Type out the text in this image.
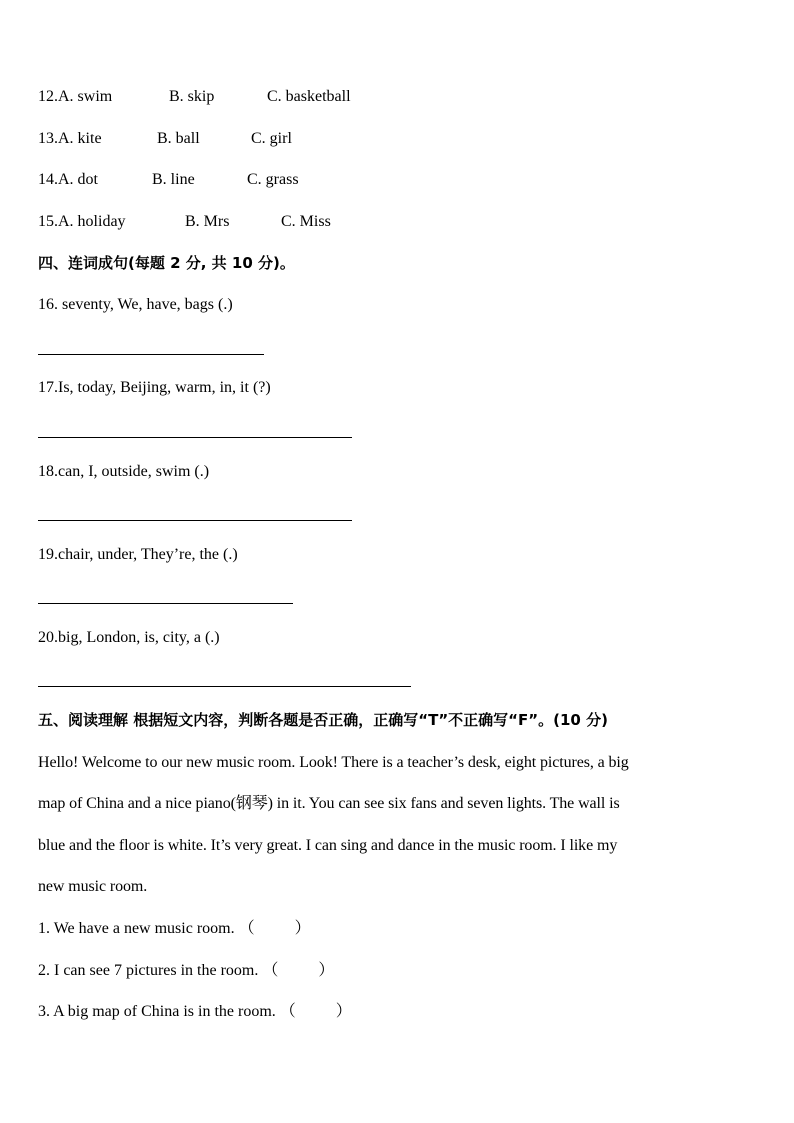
12.A. swim	B. skip	C. basketball
13.A. kite	B. ball	C. girl
14.A. dot	B. line	C. grass
15.A. holiday	B. Mrs	C. Miss
四、连词成句(每题 2 分, 共 10 分)。
16. seventy, We, have, bags (.)
17.Is, today, Beijing, warm, in, it (?)
18.can, I, outside, swim (.)
19.chair, under, They’re, the (.)
20.big, London, is, city, a (.)
五、阅读理解 根据短文内容，判断各题是否正确，正确写“T”不正确写“F”。(10 分)
Hello! Welcome to our new music room. Look! There is a teacher’s desk, eight pictures, a big
map of China and a nice piano(钢琴) in it. You can see six fans and seven lights. The wall is
blue and the floor is white. It’s very great. I can sing and dance in the music room. I like my
new music room.
1. We have a new music room. （          ）
2. I can see 7 pictures in the room. （          ）
3. A big map of China is in the room. （          ）
